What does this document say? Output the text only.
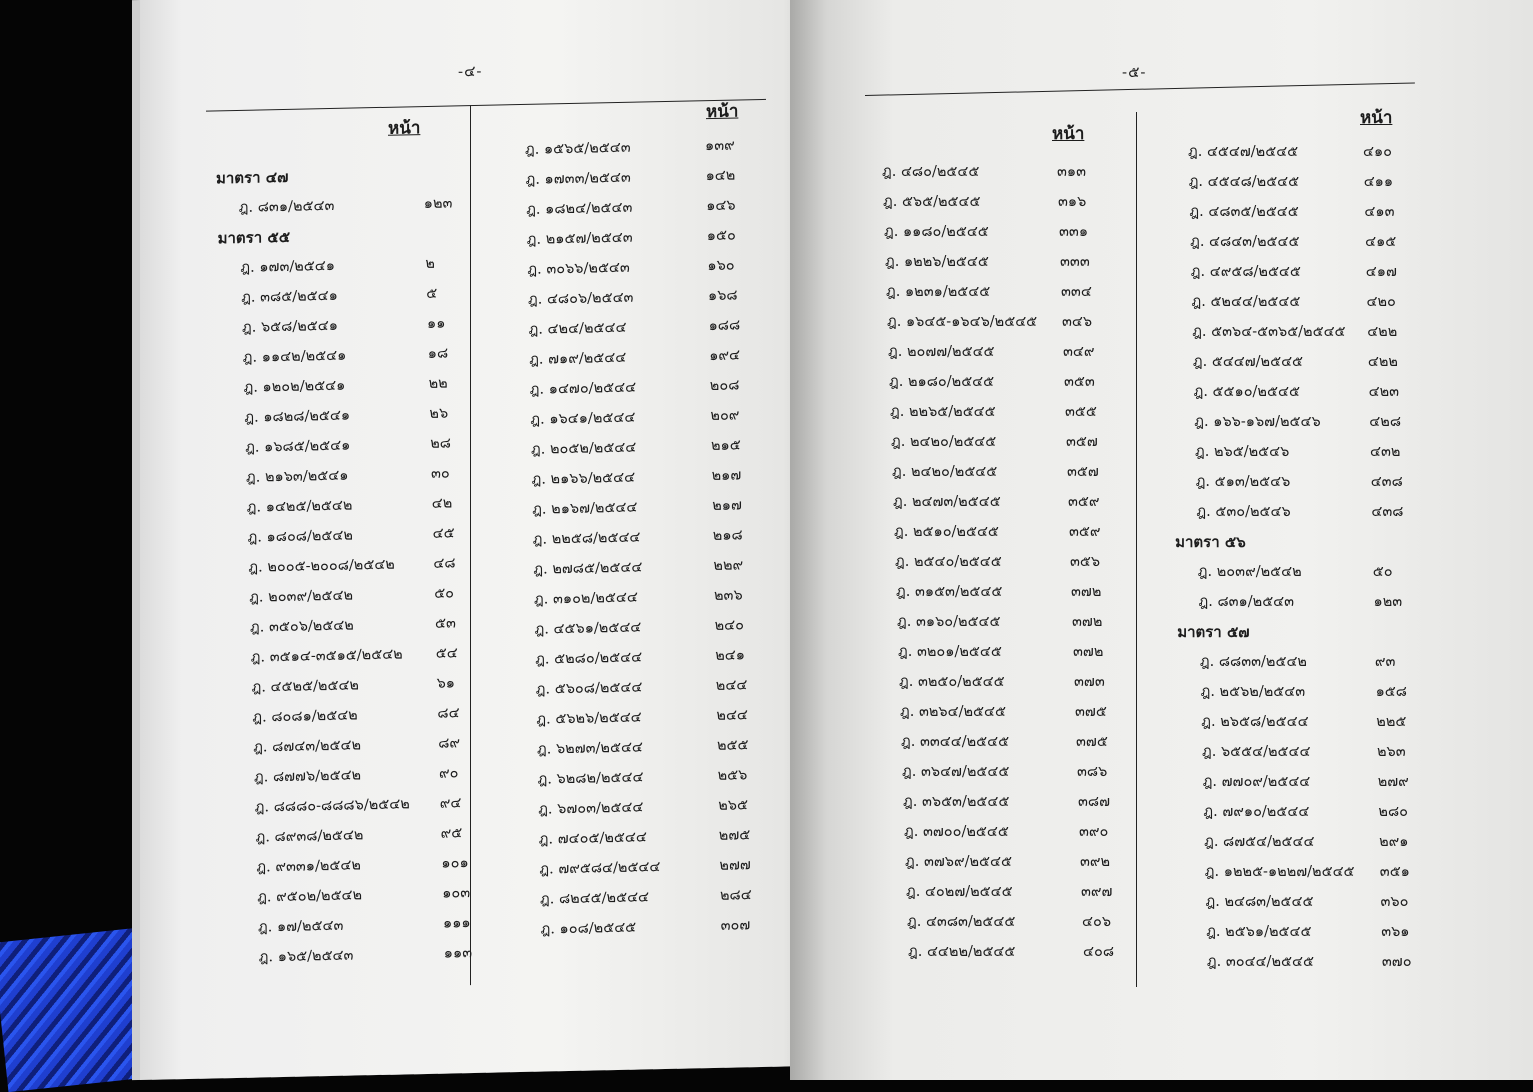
-๔-
หน้า
หน้า
มาตรา ๔๗
ฎ. ๘๓๑/๒๕๔๓	๑๒๓
มาตรา ๕๕
ฎ. ๑๗๓/๒๕๔๑	๒
ฎ. ๓๘๕/๒๕๔๑	๕
ฎ. ๖๕๘/๒๕๔๑	๑๑
ฎ. ๑๑๔๒/๒๕๔๑	๑๘
ฎ. ๑๒๐๒/๒๕๔๑	๒๒
ฎ. ๑๘๒๘/๒๕๔๑	๒๖
ฎ. ๑๖๘๕/๒๕๔๑	๒๘
ฎ. ๒๑๖๓/๒๕๔๑	๓๐
ฎ. ๑๔๒๕/๒๕๔๒	๔๒
ฎ. ๑๘๐๘/๒๕๔๒	๔๕
ฎ. ๒๐๐๕-๒๐๐๘/๒๕๔๒	๔๘
ฎ. ๒๐๓๙/๒๕๔๒	๕๐
ฎ. ๓๕๐๖/๒๕๔๒	๕๓
ฎ. ๓๕๑๔-๓๕๑๕/๒๕๔๒ ๕๔
ฎ. ๔๕๒๕/๒๕๔๒	๖๑
ฎ. ๘๐๘๑/๒๕๔๒	๘๔
ฎ. ๘๗๔๓/๒๕๔๒	๘๙
ฎ. ๘๗๗๖/๒๕๔๒	๙๐
ฎ. ๘๘๘๐-๘๘๘๖/๒๕๔๒ ๙๔
ฎ. ๘๙๓๘/๒๕๔๒	๙๕
ฎ. ๙๓๓๑/๒๕๔๒	๑๐๑
ฎ. ๙๕๐๒/๒๕๔๒	๑๐๓
ฎ. ๑๗/๒๕๔๓	๑๑๑
ฎ. ๑๖๕/๒๕๔๓	๑๑๓
ฎ. ๑๕๖๕/๒๕๔๓	๑๓๙
ฎ. ๑๗๓๓/๒๕๔๓	๑๔๒
ฎ. ๑๘๒๔/๒๕๔๓	๑๔๖
ฎ. ๒๑๕๗/๒๕๔๓	๑๕๐
ฎ. ๓๐๖๖/๒๕๔๓	๑๖๐
ฎ. ๔๘๐๖/๒๕๔๓	๑๖๘
ฎ. ๔๒๔/๒๕๔๔	๑๘๘
ฎ. ๗๑๙/๒๕๔๔	๑๙๔
ฎ. ๑๔๗๐/๒๕๔๔	๒๐๘
ฎ. ๑๖๔๑/๒๕๔๔	๒๐๙
ฎ. ๒๐๕๒/๒๕๔๔	๒๑๕
ฎ. ๒๑๖๖/๒๕๔๔	๒๑๗
ฎ. ๒๑๖๗/๒๕๔๔	๒๑๗
ฎ. ๒๒๕๘/๒๕๔๔	๒๑๘
ฎ. ๒๗๘๕/๒๕๔๔	๒๒๙
ฎ. ๓๑๐๒/๒๕๔๔	๒๓๖
ฎ. ๔๕๖๑/๒๕๔๔	๒๔๐
ฎ. ๕๒๘๐/๒๕๔๔	๒๔๑
ฎ. ๕๖๐๘/๒๕๔๔	๒๔๔
ฎ. ๕๖๒๖/๒๕๔๔	๒๔๔
ฎ. ๖๒๗๓/๒๕๔๔	๒๕๕
ฎ. ๖๒๘๒/๒๕๔๔	๒๕๖
ฎ. ๖๗๐๓/๒๕๔๔	๒๖๕
ฎ. ๗๔๐๕/๒๕๔๔	๒๗๕
ฎ. ๗๙๕๘๔/๒๕๔๔	๒๗๗
ฎ. ๘๒๔๕/๒๕๔๔	๒๘๔
ฎ. ๑๐๘/๒๕๔๕	๓๐๗
-๕-
หน้า
หน้า
ฎ. ๔๘๐/๒๕๔๕	๓๑๓
ฎ. ๕๖๕/๒๕๔๕	๓๑๖
ฎ. ๑๑๘๐/๒๕๔๕	๓๓๑
ฎ. ๑๒๒๖/๒๕๔๕	๓๓๓
ฎ. ๑๒๓๑/๒๕๔๕	๓๓๔
ฎ. ๑๖๔๕-๑๖๔๖/๒๕๔๕ ๓๔๖
ฎ. ๒๐๗๗/๒๕๔๕	๓๔๙
ฎ. ๒๑๘๐/๒๕๔๕	๓๕๓
ฎ. ๒๒๖๕/๒๕๔๕	๓๕๕
ฎ. ๒๔๒๐/๒๕๔๕	๓๕๗
ฎ. ๒๔๒๐/๒๕๔๕	๓๕๗
ฎ. ๒๔๗๓/๒๕๔๕	๓๕๙
ฎ. ๒๕๑๐/๒๕๔๕	๓๕๙
ฎ. ๒๕๔๐/๒๕๔๕	๓๕๖
ฎ. ๓๑๕๓/๒๕๔๕	๓๗๒
ฎ. ๓๑๖๐/๒๕๔๕	๓๗๒
ฎ. ๓๒๐๑/๒๕๔๕	๓๗๒
ฎ. ๓๒๕๐/๒๕๔๕	๓๗๓
ฎ. ๓๒๖๔/๒๕๔๕	๓๗๕
ฎ. ๓๓๔๔/๒๕๔๕	๓๗๕
ฎ. ๓๖๔๗/๒๕๔๕	๓๘๖
ฎ. ๓๖๕๓/๒๕๔๕	๓๘๗
ฎ. ๓๗๐๐/๒๕๔๕	๓๙๐
ฎ. ๓๗๖๙/๒๕๔๕	๓๙๒
ฎ. ๔๐๒๗/๒๕๔๕	๓๙๗
ฎ. ๔๓๘๓/๒๕๔๕	๔๐๖
ฎ. ๔๔๒๒/๒๕๔๕	๔๐๘
ฎ. ๔๕๔๗/๒๕๔๕	๔๑๐
ฎ. ๔๕๔๘/๒๕๔๕	๔๑๑
ฎ. ๔๘๓๕/๒๕๔๕	๔๑๓
ฎ. ๔๘๔๓/๒๕๔๕	๔๑๕
ฎ. ๔๙๕๘/๒๕๔๕	๔๑๗
ฎ. ๕๒๔๔/๒๕๔๕	๔๒๐
ฎ. ๕๓๖๔-๕๓๖๕/๒๕๔๕ ๔๒๒
ฎ. ๕๔๔๗/๒๕๔๕	๔๒๒
ฎ. ๕๕๑๐/๒๕๔๕	๔๒๓
ฎ. ๑๖๖-๑๖๗/๒๕๔๖	๔๒๘
ฎ. ๒๖๕/๒๕๔๖	๔๓๒
ฎ. ๕๑๓/๒๕๔๖	๔๓๘
ฎ. ๕๓๐/๒๕๔๖	๔๓๘
มาตรา ๕๖
ฎ. ๒๐๓๙/๒๕๔๒	๕๐
ฎ. ๘๓๑/๒๕๔๓	๑๒๓
มาตรา ๕๗
ฎ. ๘๘๓๓/๒๕๔๒	๙๓
ฎ. ๒๕๖๒/๒๕๔๓	๑๕๘
ฎ. ๒๖๕๘/๒๕๔๔	๒๒๕
ฎ. ๖๕๕๔/๒๕๔๔	๒๖๓
ฎ. ๗๗๐๙/๒๕๔๔	๒๗๙
ฎ. ๗๙๑๐/๒๕๔๔	๒๘๐
ฎ. ๘๗๕๔/๒๕๔๔	๒๙๑
ฎ. ๑๒๒๕-๑๒๒๗/๒๕๔๕ ๓๕๑
ฎ. ๒๔๘๓/๒๕๔๕	๓๖๐
ฎ. ๒๕๖๑/๒๕๔๕	๓๖๑
ฎ. ๓๐๔๔/๒๕๔๕	๓๗๐
